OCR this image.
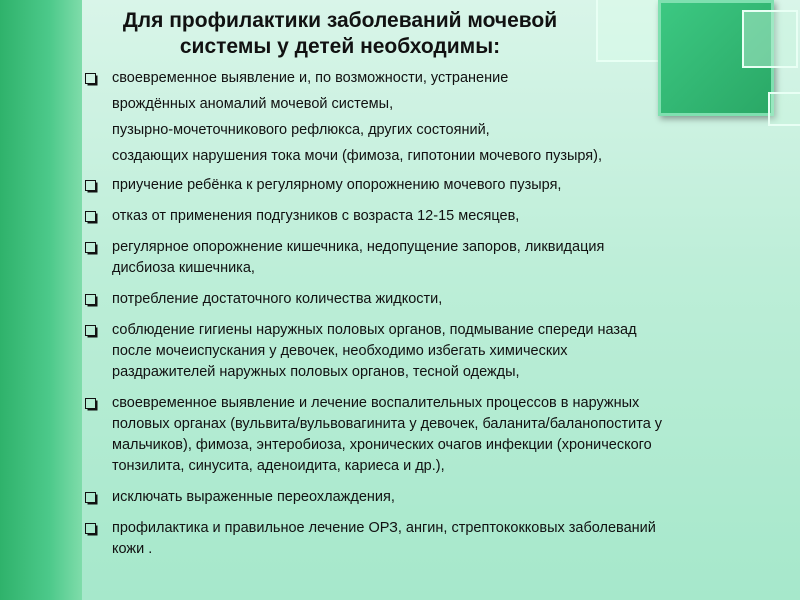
Для профилактики заболеваний мочевой
системы у детей необходимы:
своевременное выявление и, по возможности, устранение
врождённых аномалий мочевой системы,
пузырно-мочеточникового рефлюкса, других состояний,
создающих нарушения тока мочи (фимоза, гипотонии мочевого пузыря),
приучение ребёнка к регулярному опорожнению мочевого пузыря,
отказ от применения подгузников с возраста 12-15 месяцев,
регулярное опорожнение кишечника, недопущение запоров, ликвидация
дисбиоза кишечника,
потребление достаточного количества жидкости,
соблюдение гигиены наружных половых органов, подмывание спереди назад
после мочеиспускания у девочек, необходимо избегать химических
раздражителей наружных половых органов, тесной одежды,
своевременное выявление и лечение воспалительных процессов в наружных
половых органах (вульвита/вульвовагинита у девочек, баланита/баланопостита у
мальчиков), фимоза, энтеробиоза, хронических очагов инфекции (хронического
тонзилита, синусита, аденоидита, кариеса и др.),
исключать выраженные переохлаждения,
профилактика и правильное лечение ОРЗ, ангин, стрептококковых заболеваний
кожи .
